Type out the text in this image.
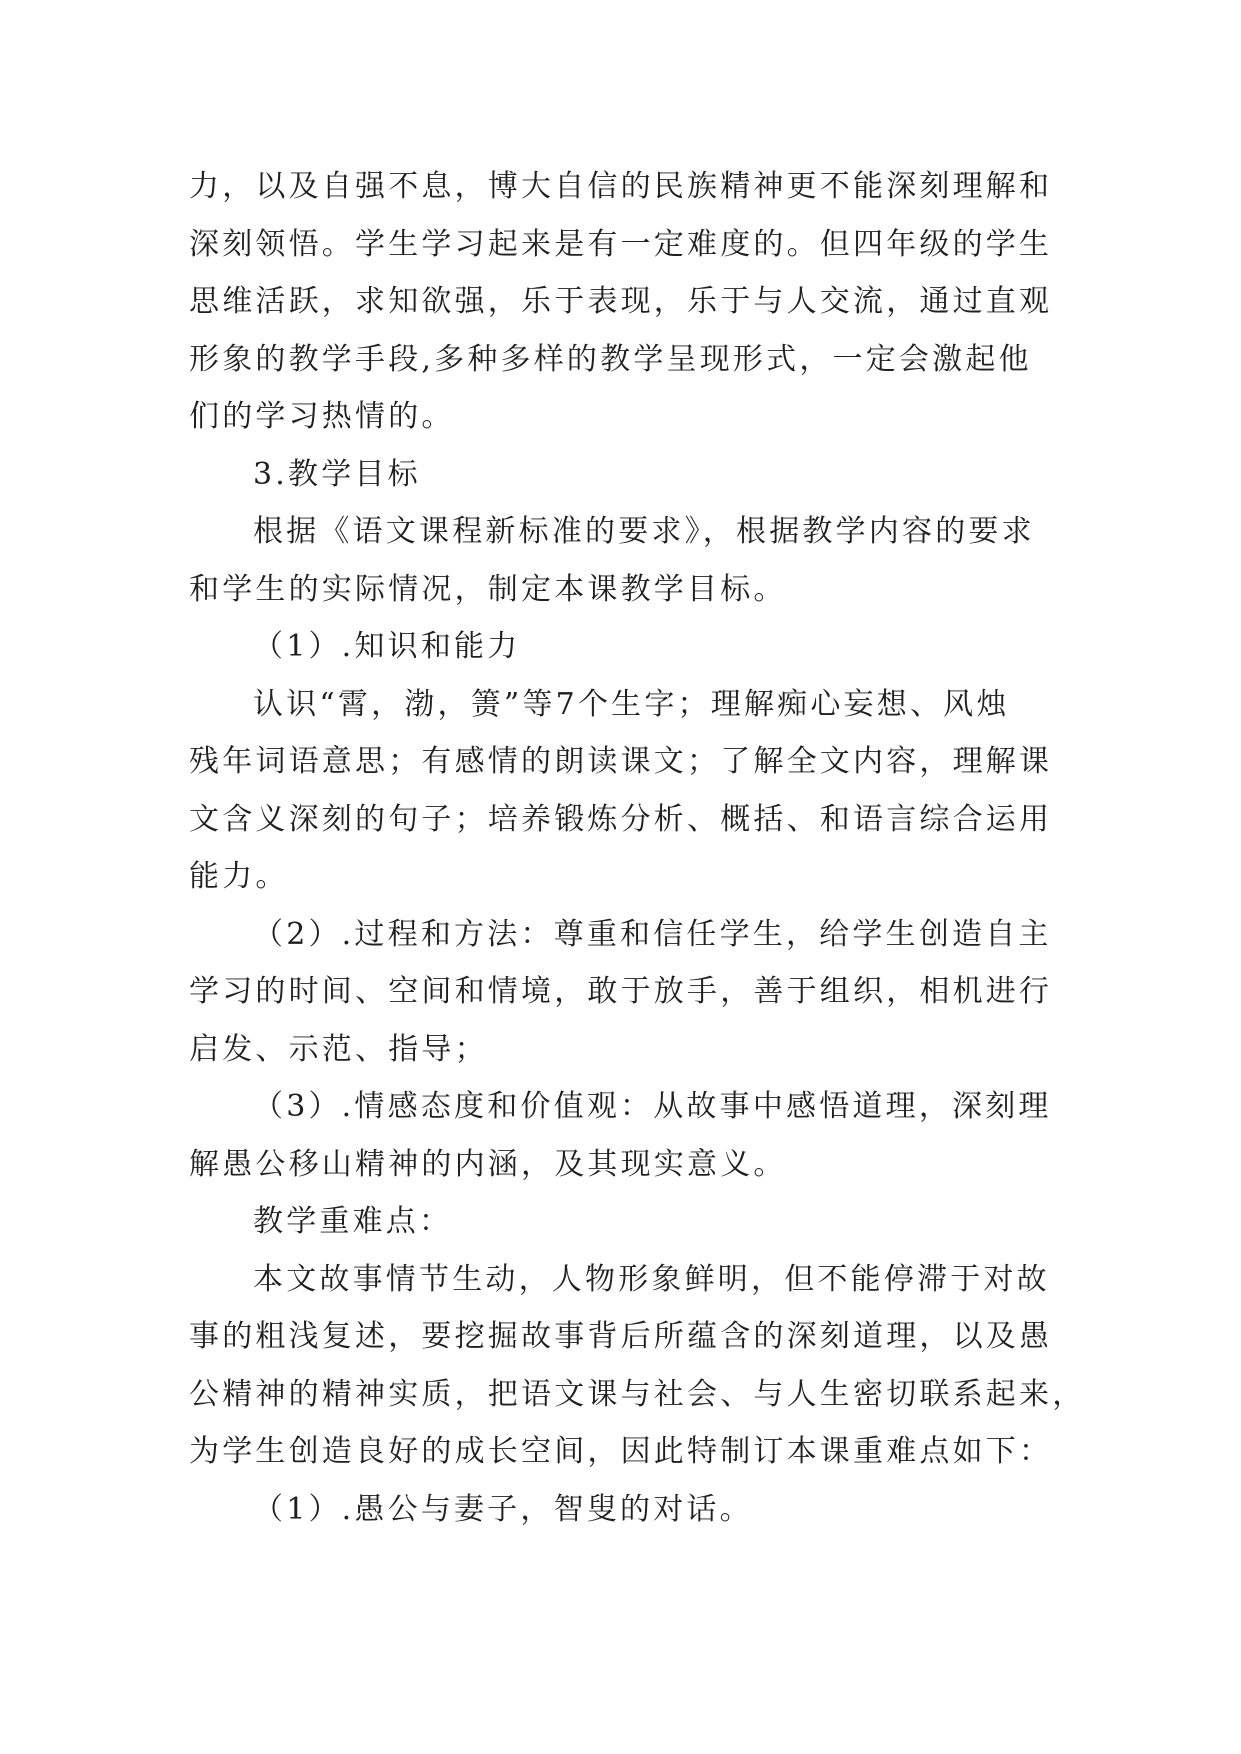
力，以及自强不息，博大自信的民族精神更不能深刻理解和
深刻领悟。学生学习起来是有一定难度的。但四年级的学生
思维活跃，求知欲强，乐于表现，乐于与人交流，通过直观
形象的教学手段,多种多样的教学呈现形式，一定会激起他
们的学习热情的。
3.教学目标
根据《语文课程新标准的要求》，根据教学内容的要求
和学生的实际情况，制定本课教学目标。
（1）.知识和能力
认识“霄，渤，箦”等7个生字；理解痴心妄想、风烛
残年词语意思；有感情的朗读课文；了解全文内容，理解课
文含义深刻的句子；培养锻炼分析、概括、和语言综合运用
能力。
（2）.过程和方法：尊重和信任学生，给学生创造自主
学习的时间、空间和情境，敢于放手，善于组织，相机进行
启发、示范、指导；
（3）.情感态度和价值观：从故事中感悟道理，深刻理
解愚公移山精神的内涵，及其现实意义。
教学重难点：
本文故事情节生动，人物形象鲜明，但不能停滞于对故
事的粗浅复述，要挖掘故事背后所蕴含的深刻道理，以及愚
公精神的精神实质，把语文课与社会、与人生密切联系起来，
为学生创造良好的成长空间，因此特制订本课重难点如下：
（1）.愚公与妻子，智叟的对话。
